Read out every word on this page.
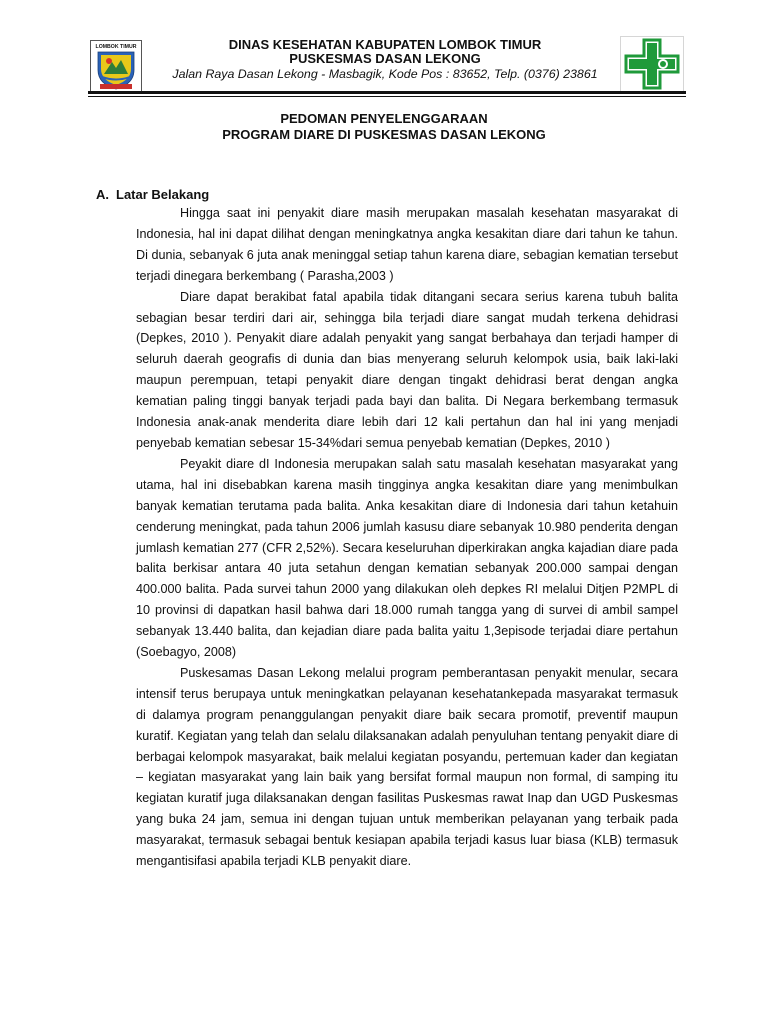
LOMBOK TIMUR	DINAS KESEHATAN KABUPATEN LOMBOK TIMUR
PUSKESMAS DASAN LEKONG
Jalan Raya Dasan Lekong - Masbagik, Kode Pos : 83652, Telp. (0376) 23861
PEDOMAN PENYELENGGARAAN
PROGRAM DIARE DI PUSKESMAS DASAN LEKONG
A. Latar Belakang

Hingga saat ini penyakit diare masih merupakan masalah kesehatan masyarakat di Indonesia, hal ini dapat dilihat dengan meningkatnya angka kesakitan diare dari tahun ke tahun. Di dunia, sebanyak 6 juta anak meninggal setiap tahun karena diare, sebagian kematian tersebut terjadi dinegara berkembang ( Parasha,2003 )

Diare dapat berakibat fatal apabila tidak ditangani secara serius karena tubuh balita sebagian besar terdiri dari air, sehingga bila terjadi diare sangat mudah terkena dehidrasi (Depkes, 2010 ). Penyakit diare adalah penyakit yang sangat berbahaya dan terjadi hamper di seluruh daerah geografis di dunia dan bias menyerang seluruh kelompok usia, baik laki-laki maupun perempuan, tetapi penyakit diare dengan tingakt dehidrasi berat dengan angka kematian paling tinggi banyak terjadi pada bayi dan balita. Di Negara berkembang termasuk Indonesia anak-anak menderita diare lebih dari 12 kali pertahun dan hal ini yang menjadi penyebab kematian sebesar 15-34%dari semua penyebab kematian (Depkes, 2010 )

Peyakit diare dI Indonesia merupakan salah satu masalah kesehatan masyarakat yang utama, hal ini disebabkan karena masih tingginya angka kesakitan diare yang menimbulkan banyak kematian terutama pada balita. Anka kesakitan diare di Indonesia dari tahun ketahuin cenderung meningkat, pada tahun 2006 jumlah kasusu diare sebanyak 10.980 penderita dengan jumlash kematian 277 (CFR 2,52%). Secara keseluruhan diperkirakan angka kajadian diare pada balita berkisar antara 40 juta setahun dengan kematian sebanyak 200.000 sampai dengan 400.000 balita. Pada survei tahun 2000 yang dilakukan oleh depkes RI melalui Ditjen P2MPL di 10 provinsi di dapatkan hasil bahwa dari 18.000 rumah tangga yang di survei di ambil sampel sebanyak 13.440 balita, dan kejadian diare pada balita yaitu 1,3episode terjadai diare pertahun (Soebagyo, 2008)

Puskesamas Dasan Lekong melalui program pemberantasan penyakit menular, secara intensif terus berupaya untuk meningkatkan pelayanan kesehatankepada masyarakat termasuk di dalamya program penanggulangan penyakit diare baik secara promotif, preventif maupun kuratif. Kegiatan yang telah dan selalu dilaksanakan adalah penyuluhan tentang penyakit diare di berbagai kelompok masyarakat, baik melalui kegiatan posyandu, pertemuan kader dan kegiatan – kegiatan masyarakat yang lain baik yang bersifat formal maupun non formal, di samping itu kegiatan kuratif juga dilaksanakan dengan fasilitas Puskesmas rawat Inap dan UGD Puskesmas yang buka 24 jam, semua ini dengan tujuan untuk memberikan pelayanan yang terbaik pada masyarakat, termasuk sebagai bentuk kesiapan apabila terjadi kasus luar biasa (KLB) termasuk mengantisifasi apabila terjadi KLB penyakit diare.
